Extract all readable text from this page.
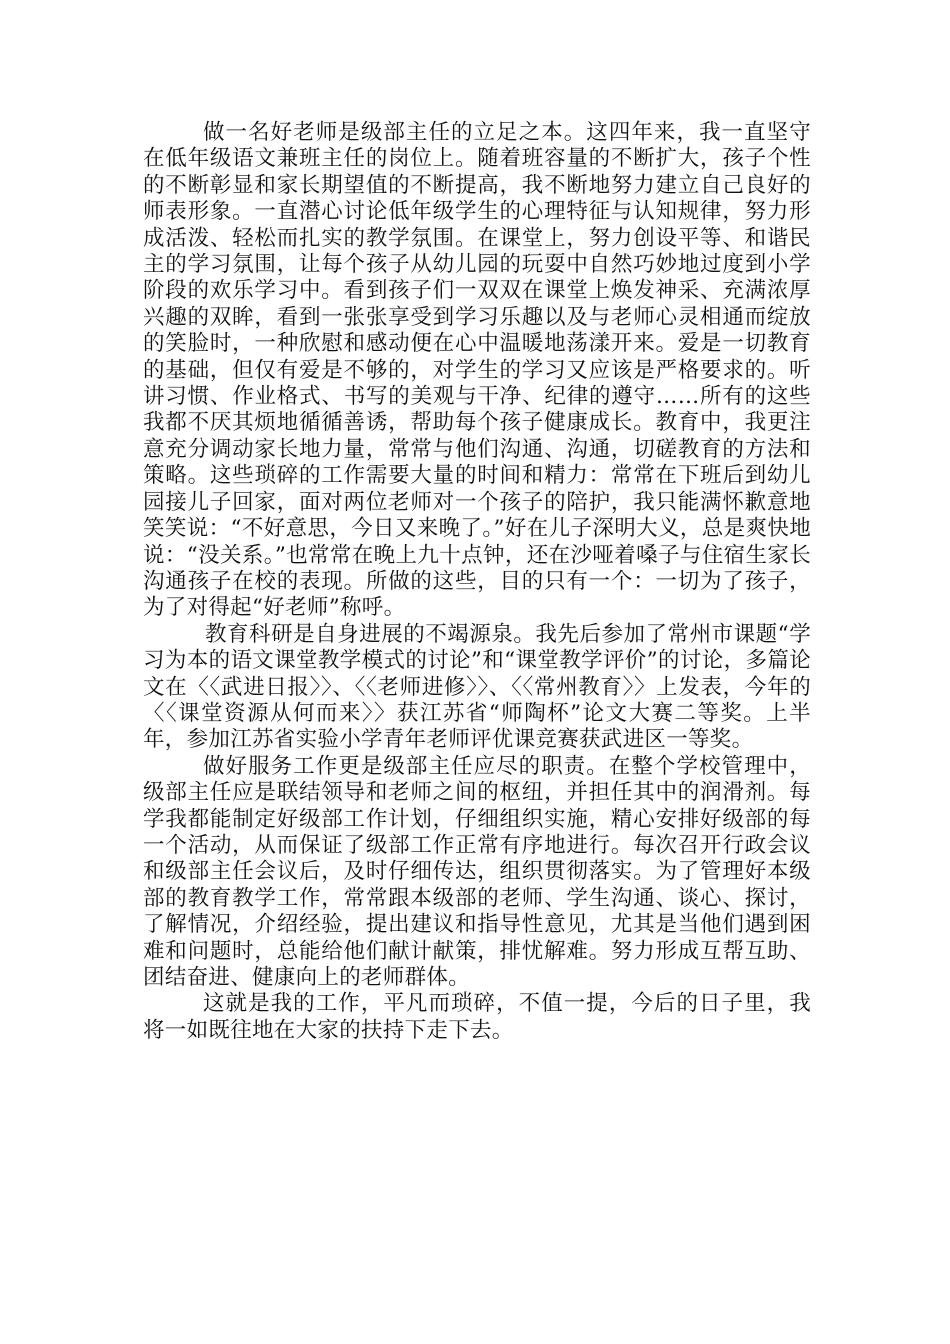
做一名好老师是级部主任的立足之本。这四年来，我一直坚守在低年级语文兼班主任的岗位上。随着班容量的不断扩大，孩子个性的不断彰显和家长期望值的不断提高，我不断地努力建立自己良好的师表形象。一直潜心讨论低年级学生的心理特征与认知规律，努力形成活泼、轻松而扎实的教学氛围。在课堂上，努力创设平等、和谐民主的学习氛围，让每个孩子从幼儿园的玩耍中自然巧妙地过度到小学阶段的欢乐学习中。看到孩子们一双双在课堂上焕发神采、充满浓厚兴趣的双眸，看到一张张享受到学习乐趣以及与老师心灵相通而绽放的笑脸时，一种欣慰和感动便在心中温暖地荡漾开来。爱是一切教育的基础，但仅有爱是不够的，对学生的学习又应该是严格要求的。听讲习惯、作业格式、书写的美观与干净、纪律的遵守……所有的这些我都不厌其烦地循循善诱，帮助每个孩子健康成长。教育中，我更注意充分调动家长地力量，常常与他们沟通、沟通，切磋教育的方法和策略。这些琐碎的工作需要大量的时间和精力：常常在下班后到幼儿园接儿子回家，面对两位老师对一个孩子的陪护，我只能满怀歉意地笑笑说：“不好意思，今日又来晚了。”好在儿子深明大义，总是爽快地说：“没关系。”也常常在晚上九十点钟，还在沙哑着嗓子与住宿生家长沟通孩子在校的表现。所做的这些，目的只有一个：一切为了孩子，为了对得起“好老师”称呼。

教育科研是自身进展的不竭源泉。我先后参加了常州市课题“学习为本的语文课堂教学模式的讨论”和“课堂教学评价”的讨论，多篇论文在〈〈武进日报〉〉、〈〈老师进修〉〉、〈〈常州教育〉〉上发表，今年的〈〈课堂资源从何而来〉〉获江苏省“师陶杯”论文大赛二等奖。上半年，参加江苏省实验小学青年老师评优课竞赛获武进区一等奖。

做好服务工作更是级部主任应尽的职责。在整个学校管理中，级部主任应是联结领导和老师之间的枢纽，并担任其中的润滑剂。每学我都能制定好级部工作计划，仔细组织实施，精心安排好级部的每一个活动，从而保证了级部工作正常有序地进行。每次召开行政会议和级部主任会议后，及时仔细传达，组织贯彻落实。为了管理好本级部的教育教学工作，常常跟本级部的老师、学生沟通、谈心、探讨，了解情况，介绍经验，提出建议和指导性意见，尤其是当他们遇到困难和问题时，总能给他们献计献策，排忧解难。努力形成互帮互助、团结奋进、健康向上的老师群体。

这就是我的工作，平凡而琐碎，不值一提，今后的日子里，我将一如既往地在大家的扶持下走下去。
